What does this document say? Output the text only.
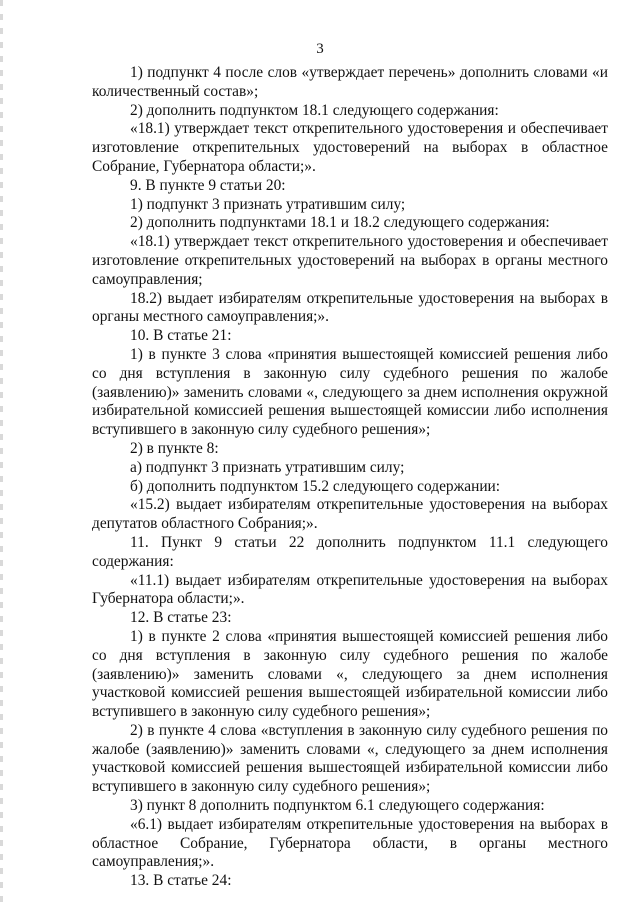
3

1) подпункт 4 после слов «утверждает перечень» дополнить словами «и количественный состав»;

2) дополнить подпунктом 18.1 следующего содержания:

«18.1) утверждает текст открепительного удостоверения и обеспечивает изготовление открепительных удостоверений на выборах в областное Собрание, Губернатора области;».

9. В пункте 9 статьи 20:

1) подпункт 3 признать утратившим силу;

2) дополнить подпунктами 18.1 и 18.2 следующего содержания:

«18.1) утверждает текст открепительного удостоверения и обеспечивает изготовление открепительных удостоверений на выборах в органы местного самоуправления;

18.2) выдает избирателям открепительные удостоверения на выборах в органы местного самоуправления;».

10. В статье 21:

1) в пункте 3 слова «принятия вышестоящей комиссией решения либо со дня вступления в законную силу судебного решения по жалобе (заявлению)» заменить словами «, следующего за днем исполнения окружной избирательной комиссией решения вышестоящей комиссии либо исполнения вступившего в законную силу судебного решения»;

2) в пункте 8:

а) подпункт 3 признать утратившим силу;

б) дополнить подпунктом 15.2 следующего содержании:

«15.2) выдает избирателям открепительные удостоверения на выборах депутатов областного Собрания;».

11. Пункт 9 статьи 22 дополнить подпунктом 11.1 следующего содержания:

«11.1) выдает избирателям открепительные удостоверения на выборах Губернатора области;».

12. В статье 23:

1) в пункте 2 слова «принятия вышестоящей комиссией решения либо со дня вступления в законную силу судебного решения по жалобе (заявлению)» заменить словами «, следующего за днем исполнения участковой комиссией решения вышестоящей избирательной комиссии либо вступившего в законную силу судебного решения»;

2) в пункте 4 слова «вступления в законную силу судебного решения по жалобе (заявлению)» заменить словами «, следующего за днем исполнения участковой комиссией решения вышестоящей избирательной комиссии либо вступившего в законную силу судебного решения»;

3) пункт 8 дополнить подпунктом 6.1 следующего содержания:

«6.1) выдает избирателям открепительные удостоверения на выборах в областное Собрание, Губернатора области, в органы местного самоуправления;».

13. В статье 24:
